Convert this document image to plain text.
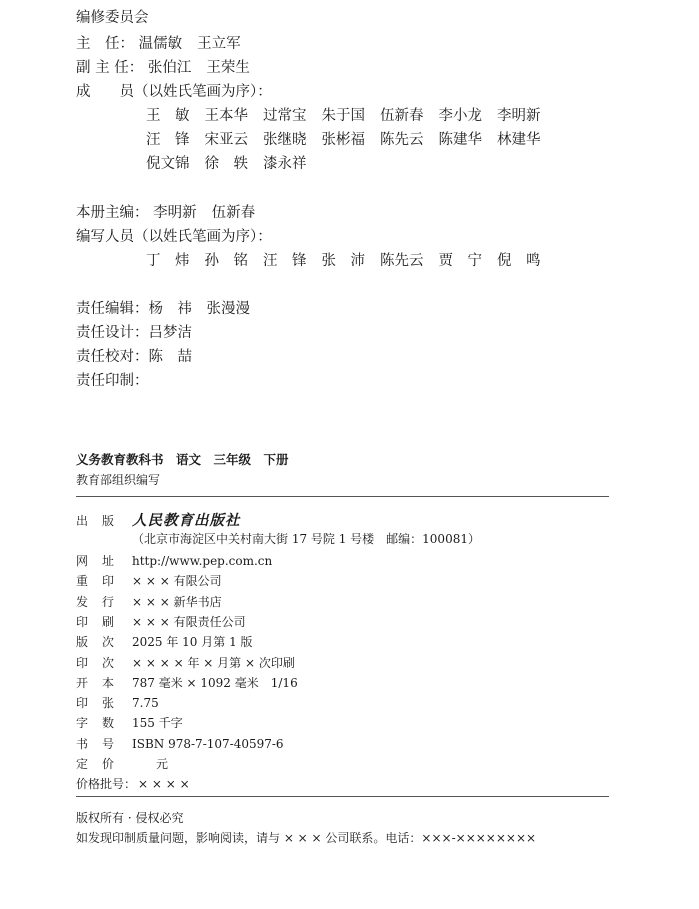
编修委员会
主　任： 温儒敏 王立军
副 主 任： 张伯江 王荣生
成　　员（以姓氏笔画为序）：
王　敏 王本华 过常宝 朱于国 伍新春 李小龙 李明新
汪　锋 宋亚云 张继晓 张彬福 陈先云 陈建华 林建华
倪文锦 徐　轶 漆永祥
本册主编： 李明新 伍新春
编写人员（以姓氏笔画为序）：
丁　炜 孙　铭 汪　锋 张　沛 陈先云 贾　宁 倪　鸣
责任编辑：杨　祎　张漫漫
责任设计：吕梦洁
责任校对：陈　喆
责任印制：
义务教育教科书　语文　三年级　下册
教育部组织编写
出　版 人民教育出版社
（北京市海淀区中关村南大街 17 号院 1 号楼　邮编：100081）
网　址 http://www.pep.com.cn
重　印 × × × 有限公司
发　行 × × × 新华书店
印　刷 × × × 有限责任公司
版　次 2025 年 10 月第 1 版
印　次 × × × × 年 × 月第 × 次印刷
开　本 787 毫米 × 1092 毫米　1/16
印　张 7.75
字　数 155 千字
书　号 ISBN 978-7-107-40597-6
定　价　　元
价格批号： × × × ×
版权所有 · 侵权必究
如发现印制质量问题，影响阅读，请与 × × × 公司联系。电话：×××-××××××××
